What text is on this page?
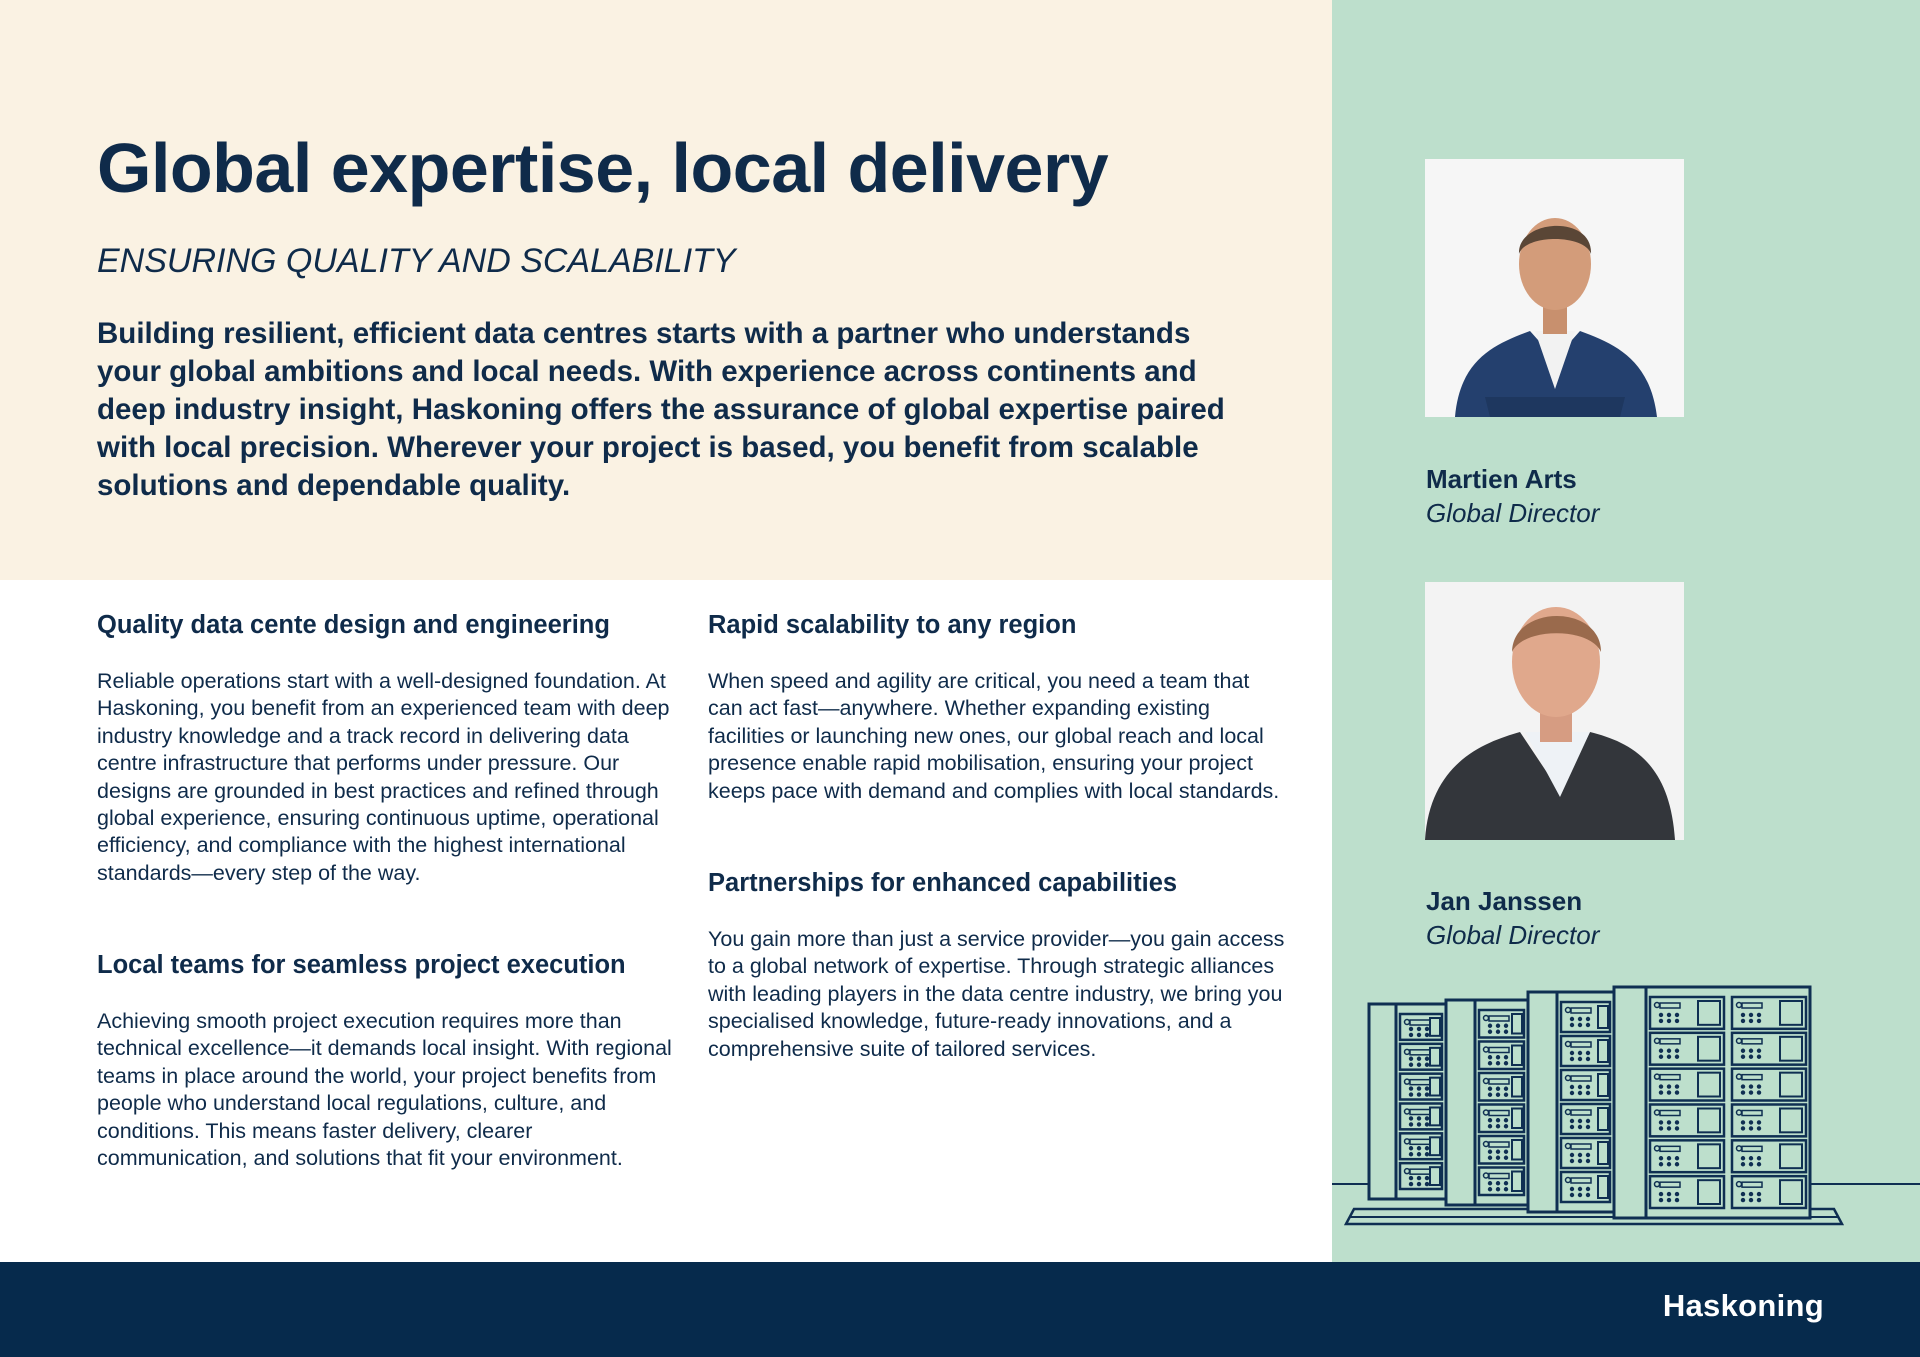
Global expertise, local delivery
ENSURING QUALITY AND SCALABILITY

Building resilient, efficient data centres starts with a partner who understands your global ambitions and local needs. With experience across continents and deep industry insight, Haskoning offers the assurance of global expertise paired with local precision. Wherever your project is based, you benefit from scalable solutions and dependable quality.

Quality data cente design and engineering

Reliable operations start with a well-designed foundation. At Haskoning, you benefit from an experienced team with deep industry knowledge and a track record in delivering data centre infrastructure that performs under pressure. Our designs are grounded in best practices and refined through global experience, ensuring continuous uptime, operational efficiency, and compliance with the highest international standards—every step of the way.

Local teams for seamless project execution

Achieving smooth project execution requires more than technical excellence—it demands local insight. With regional teams in place around the world, your project benefits from people who understand local regulations, culture, and conditions. This means faster delivery, clearer communication, and solutions that fit your environment.

Rapid scalability to any region

When speed and agility are critical, you need a team that can act fast—anywhere. Whether expanding existing facilities or launching new ones, our global reach and local presence enable rapid mobilisation, ensuring your project keeps pace with demand and complies with local standards.

Partnerships for enhanced capabilities

You gain more than just a service provider—you gain access to a global network of expertise. Through strategic alliances with leading players in the data centre industry, we bring you specialised knowledge, future-ready innovations, and a comprehensive suite of tailored services.

Martien Arts
Global Director
Jan Janssen
Global Director
Haskoning
